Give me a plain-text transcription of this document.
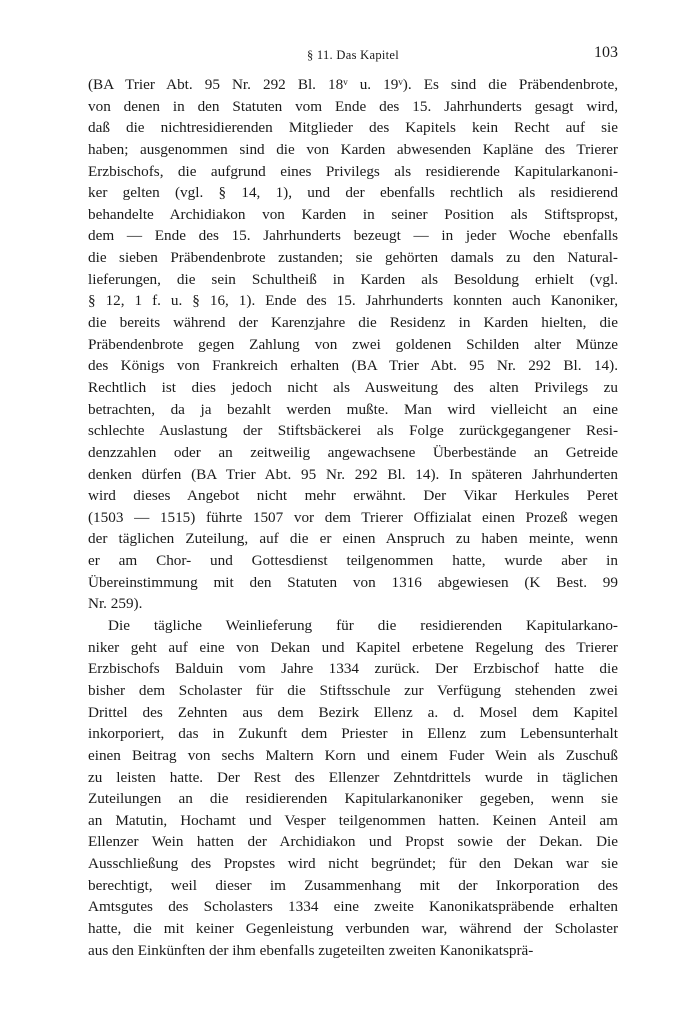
§ 11. Das Kapitel	103
(BA Trier Abt. 95 Nr. 292 Bl. 18ᵛ u. 19ᵛ). Es sind die Präbendenbrote,
von denen in den Statuten vom Ende des 15. Jahrhunderts gesagt wird,
daß die nichtresidierenden Mitglieder des Kapitels kein Recht auf sie
haben; ausgenommen sind die von Karden abwesenden Kapläne des Trierer
Erzbischofs, die aufgrund eines Privilegs als residierende Kapitularkanoni-
ker gelten (vgl. § 14, 1), und der ebenfalls rechtlich als residierend
behandelte Archidiakon von Karden in seiner Position als Stiftspropst,
dem — Ende des 15. Jahrhunderts bezeugt — in jeder Woche ebenfalls
die sieben Präbendenbrote zustanden; sie gehörten damals zu den Natural-
lieferungen, die sein Schultheiß in Karden als Besoldung erhielt (vgl.
§ 12, 1 f. u. § 16, 1). Ende des 15. Jahrhunderts konnten auch Kanoniker,
die bereits während der Karenzjahre die Residenz in Karden hielten, die
Präbendenbrote gegen Zahlung von zwei goldenen Schilden alter Münze
des Königs von Frankreich erhalten (BA Trier Abt. 95 Nr. 292 Bl. 14).
Rechtlich ist dies jedoch nicht als Ausweitung des alten Privilegs zu
betrachten, da ja bezahlt werden mußte. Man wird vielleicht an eine
schlechte Auslastung der Stiftsbäckerei als Folge zurückgegangener Resi-
denzzahlen oder an zeitweilig angewachsene Überbestände an Getreide
denken dürfen (BA Trier Abt. 95 Nr. 292 Bl. 14). In späteren Jahrhunderten
wird dieses Angebot nicht mehr erwähnt. Der Vikar Herkules Peret
(1503 — 1515) führte 1507 vor dem Trierer Offizialat einen Prozeß wegen
der täglichen Zuteilung, auf die er einen Anspruch zu haben meinte, wenn
er am Chor- und Gottesdienst teilgenommen hatte, wurde aber in
Übereinstimmung mit den Statuten von 1316 abgewiesen (K Best. 99
Nr. 259).
Die tägliche Weinlieferung für die residierenden Kapitularkano-
niker geht auf eine von Dekan und Kapitel erbetene Regelung des Trierer
Erzbischofs Balduin vom Jahre 1334 zurück. Der Erzbischof hatte die
bisher dem Scholaster für die Stiftsschule zur Verfügung stehenden zwei
Drittel des Zehnten aus dem Bezirk Ellenz a. d. Mosel dem Kapitel
inkorporiert, das in Zukunft dem Priester in Ellenz zum Lebensunterhalt
einen Beitrag von sechs Maltern Korn und einem Fuder Wein als Zuschuß
zu leisten hatte. Der Rest des Ellenzer Zehntdrittels wurde in täglichen
Zuteilungen an die residierenden Kapitularkanoniker gegeben, wenn sie
an Matutin, Hochamt und Vesper teilgenommen hatten. Keinen Anteil am
Ellenzer Wein hatten der Archidiakon und Propst sowie der Dekan. Die
Ausschließung des Propstes wird nicht begründet; für den Dekan war sie
berechtigt, weil dieser im Zusammenhang mit der Inkorporation des
Amtsgutes des Scholasters 1334 eine zweite Kanonikatspräbende erhalten
hatte, die mit keiner Gegenleistung verbunden war, während der Scholaster
aus den Einkünften der ihm ebenfalls zugeteilten zweiten Kanonikatsprä-
